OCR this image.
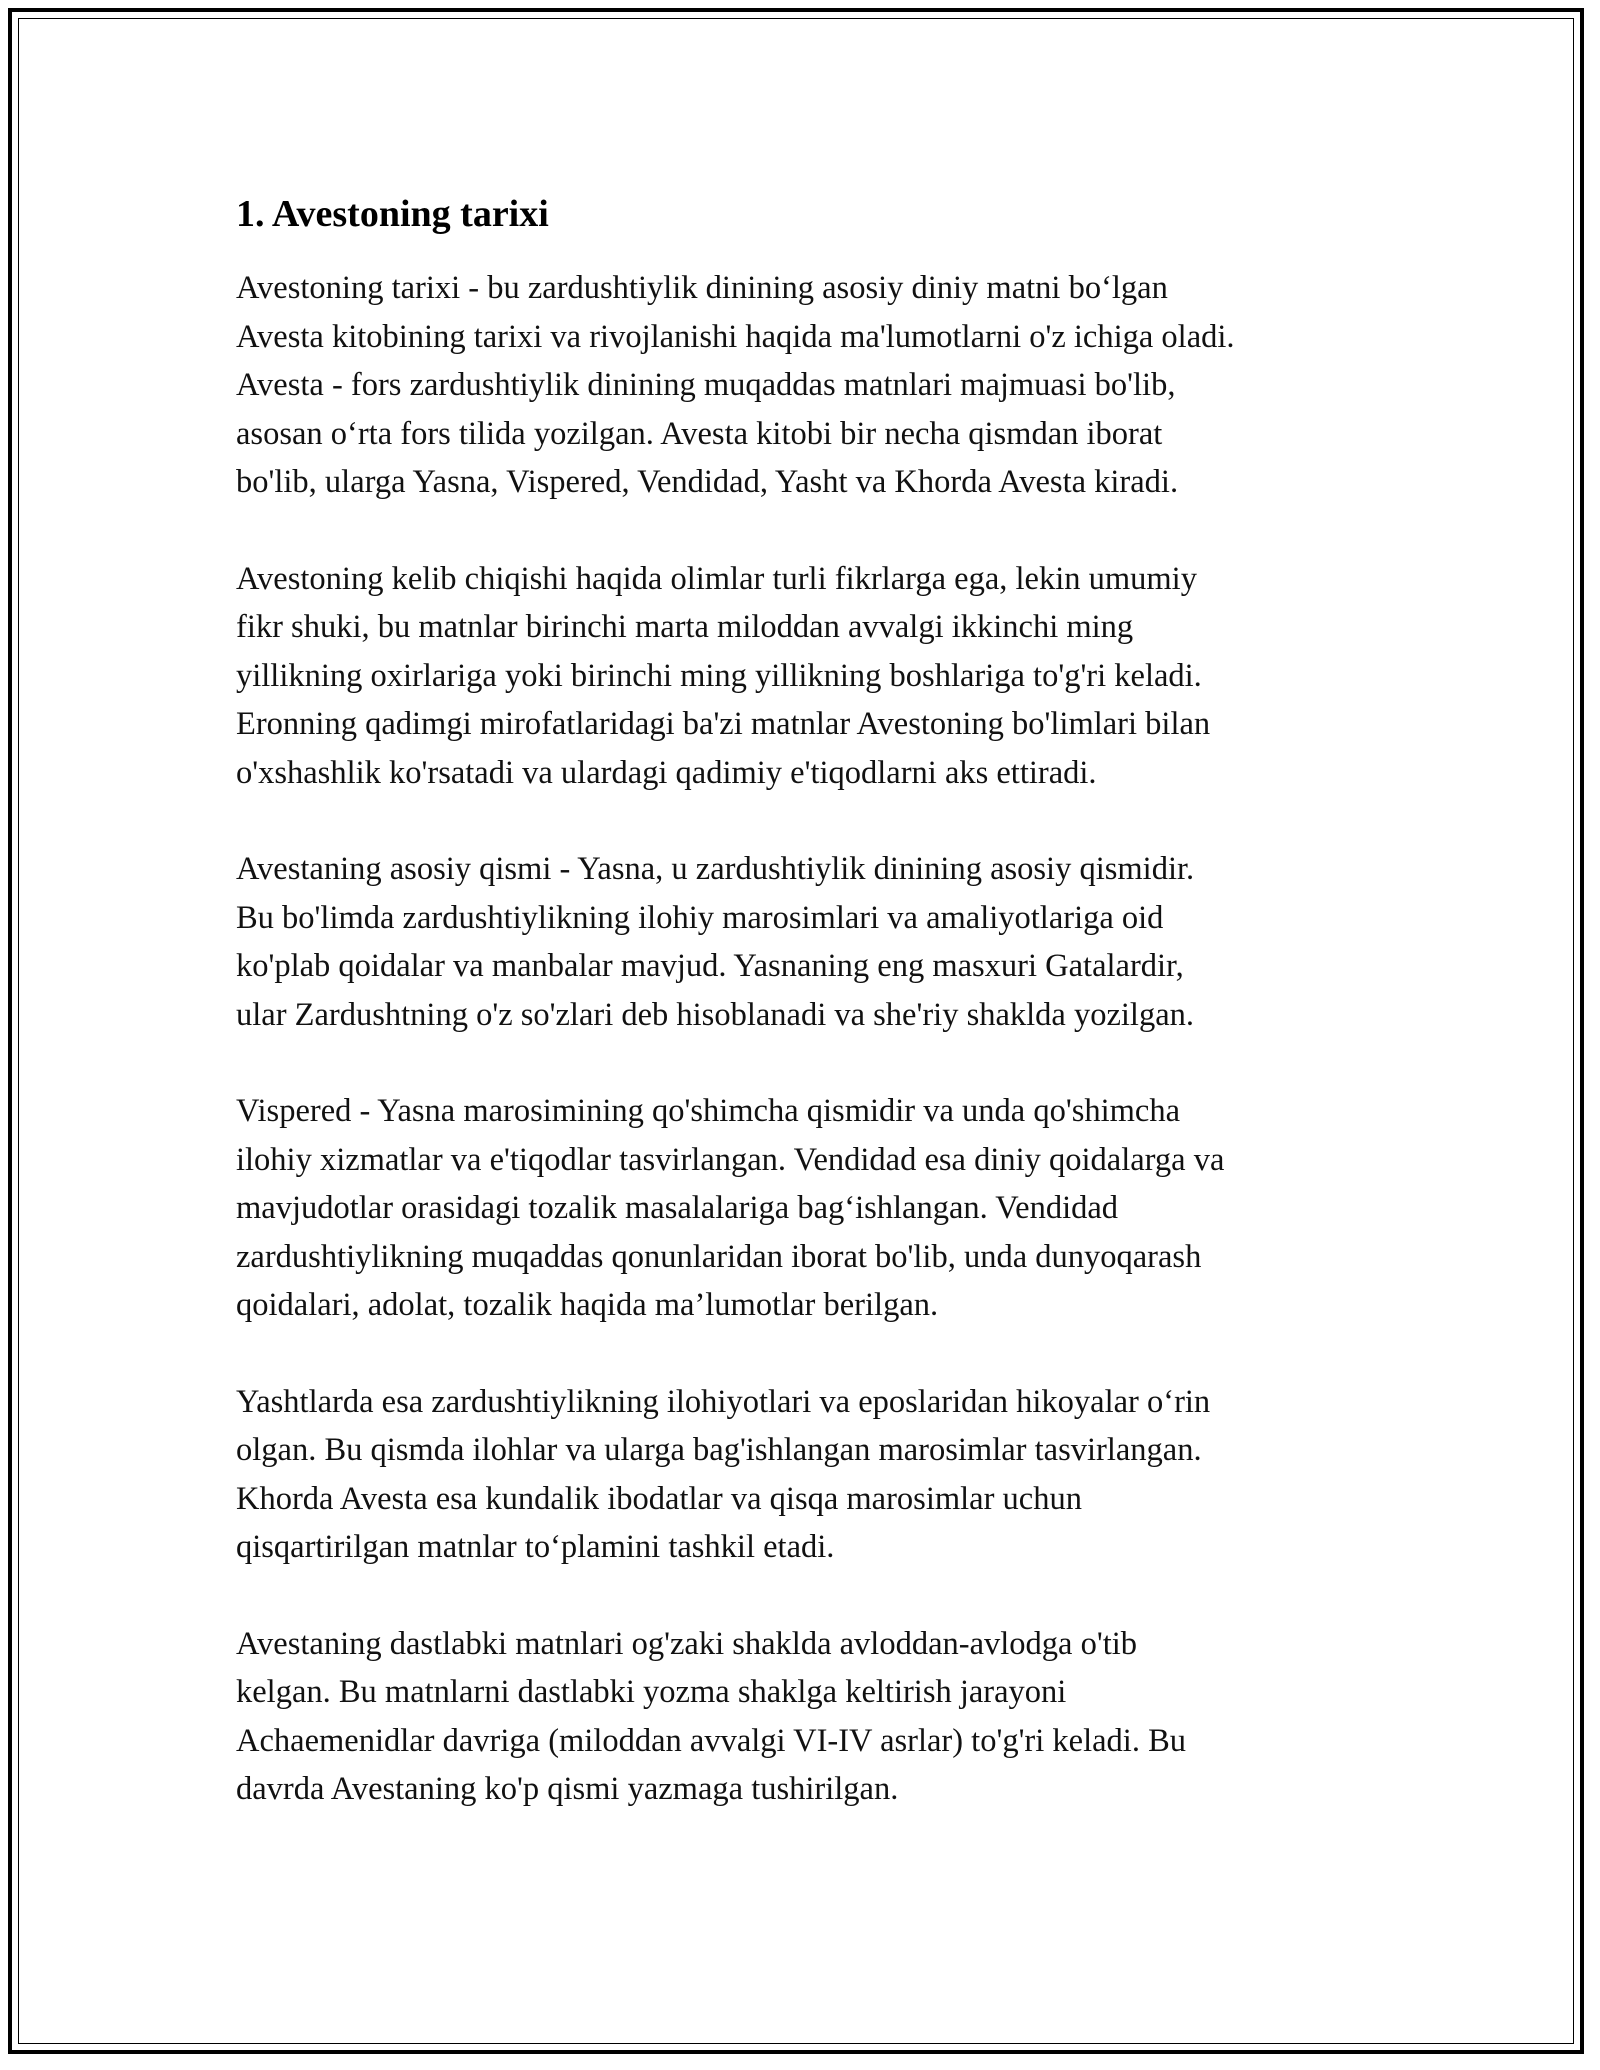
1. Avestoning tarixi
Avestoning tarixi - bu zardushtiylik dinining asosiy diniy matni bo‘lgan
Avesta kitobining tarixi va rivojlanishi haqida ma'lumotlarni o'z ichiga oladi.
Avesta - fors zardushtiylik dinining muqaddas matnlari majmuasi bo'lib,
asosan o‘rta fors tilida yozilgan. Avesta kitobi bir necha qismdan iborat
bo'lib, ularga Yasna, Vispered, Vendidad, Yasht va Khorda Avesta kiradi.
Avestoning kelib chiqishi haqida olimlar turli fikrlarga ega, lekin umumiy
fikr shuki, bu matnlar birinchi marta miloddan avvalgi ikkinchi ming
yillikning oxirlariga yoki birinchi ming yillikning boshlariga to'g'ri keladi.
Eronning qadimgi mirofatlaridagi ba'zi matnlar Avestoning bo'limlari bilan
o'xshashlik ko'rsatadi va ulardagi qadimiy e'tiqodlarni aks ettiradi.
Avestaning asosiy qismi - Yasna, u zardushtiylik dinining asosiy qismidir.
Bu bo'limda zardushtiylikning ilohiy marosimlari va amaliyotlariga oid
ko'plab qoidalar va manbalar mavjud. Yasnaning eng masxuri Gatalardir,
ular Zardushtning o'z so'zlari deb hisoblanadi va she'riy shaklda yozilgan.
Vispered - Yasna marosimining qo'shimcha qismidir va unda qo'shimcha
ilohiy xizmatlar va e'tiqodlar tasvirlangan. Vendidad esa diniy qoidalarga va
mavjudotlar orasidagi tozalik masalalariga bag‘ishlangan. Vendidad
zardushtiylikning muqaddas qonunlaridan iborat bo'lib, unda dunyoqarash
qoidalari, adolat, tozalik haqida ma’lumotlar berilgan.
Yashtlarda esa zardushtiylikning ilohiyotlari va eposlaridan hikoyalar o‘rin
olgan. Bu qismda ilohlar va ularga bag'ishlangan marosimlar tasvirlangan.
Khorda Avesta esa kundalik ibodatlar va qisqa marosimlar uchun
qisqartirilgan matnlar to‘plamini tashkil etadi.
Avestaning dastlabki matnlari og'zaki shaklda avloddan-avlodga o'tib
kelgan. Bu matnlarni dastlabki yozma shaklga keltirish jarayoni
Achaemenidlar davriga (miloddan avvalgi VI-IV asrlar) to'g'ri keladi. Bu
davrda Avestaning ko'p qismi yazmaga tushirilgan.
